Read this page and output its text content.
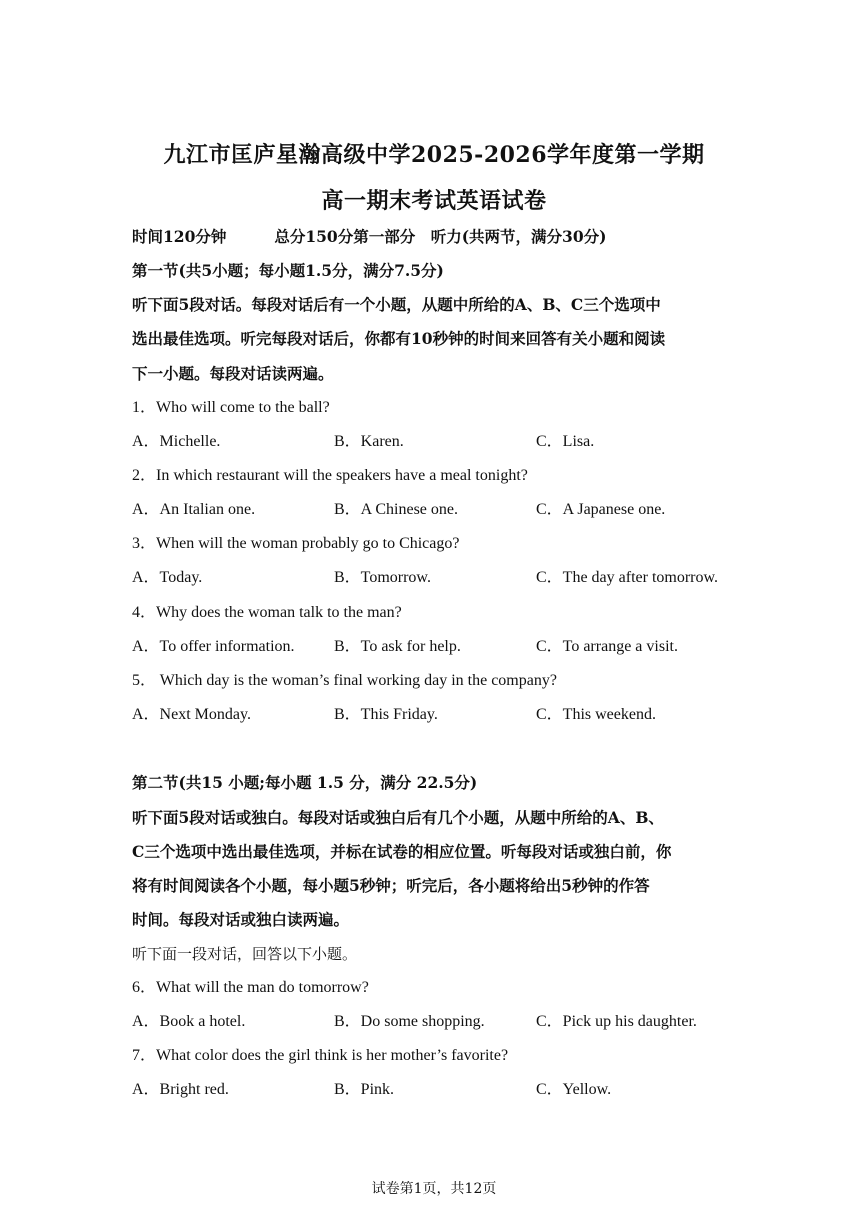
九江市匡庐星瀚高级中学2025-2026学年度第一学期
高一期末考试英语试卷
时间120分钟	总分150分第一部分　听力(共两节，满分30分)
第一节(共5小题；每小题1.5分，满分7.5分)
听下面5段对话。每段对话后有一个小题，从题中所给的A、B、C三个选项中
选出最佳选项。听完每段对话后，你都有10秒钟的时间来回答有关小题和阅读
下一小题。每段对话读两遍。
1．Who will come to the ball?
A．Michelle.	B．Karen.	C．Lisa.
2．In which restaurant will the speakers have a meal tonight?
A．An Italian one.	B．A Chinese one.	C．A Japanese one.
3．When will the woman probably go to Chicago?
A．Today.	B．Tomorrow.	C．The day after tomorrow.
4．Why does the woman talk to the man?
A．To offer information. B．To ask for help.	C．To arrange a visit.
5． Which day is the woman’s final working day in the company?
A．Next Monday.	B．This Friday.	C．This weekend.
第二节(共15 小题;每小题 1.5 分，满分 22.5分)
听下面5段对话或独白。每段对话或独白后有几个小题，从题中所给的A、B、
C三个选项中选出最佳选项，并标在试卷的相应位置。听每段对话或独白前，你
将有时间阅读各个小题，每小题5秒钟；听完后，各小题将给出5秒钟的作答
时间。每段对话或独白读两遍。
听下面一段对话，回答以下小题。
6．What will the man do tomorrow?
A．Book a hotel.	B．Do some shopping.	C．Pick up his daughter.
7．What color does the girl think is her mother’s favorite?
A．Bright red.	B．Pink.	C．Yellow.
试卷第1页，共12页
